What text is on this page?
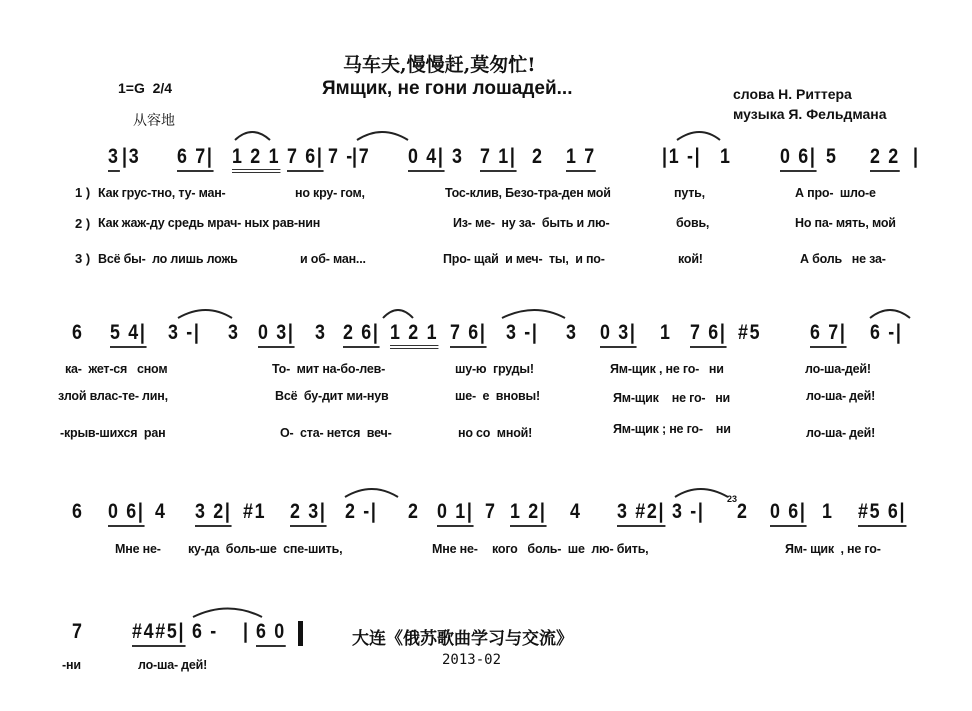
马车夫,慢慢赶,莫匆忙!
Ямщик, не гони лошадей...
1=G  2/4
从容地
слова Н. Риттера
музыка Я. Фельдмана
3 |3 6 7| 1 2 1 7 6| 7 -
|7 0 4| 3 7 1| 2 1 7	|1 -| 1 0 6| 5 2 2 |
1 ) Как грус-тно, ту- ман-	но кру- гом,	Тос-клив, Безо-тра-ден мой	путь,	А про-  шло-е
2 ) Как жаж-ду средь мрач- ных рав-нин	Из- ме-  ну за-  быть и лю-	бовь,	Но па- мять, мой
3 ) Всё бы-  ло лишь ложь	и об- ман...	Про- щай  и меч-  ты,  и по-	кой!	А боль   не за-
6 5 4| 3 -| 3 0 3| 3 2 6| 1 2 1 7 6| 3 -| 3 0 3| 1 7 6| #5 6 7| 6 -|
ка-  жет-ся   сном	То-  мит на-бо-лев-	шу-ю  груды!	Ям-щик , не го-   ни	ло-ша-дей!
злой влас-те- лин,	Всё  бу-дит ми-нув	ше-  е  вновы!	Ям-щик    не го-   ни	ло-ша- дей!
-крыв-шихся  ран	О-  ста- нется  веч-	но со  мной!	Ям-щик ; не го-    ни	ло-ша- дей!
6 0 6| 4 3 2| #1 2 3| 2 -| 2 0 1| 7 1 2| 4 3 #2| 3 -|
23
2 0 6| 1 #5 6|
Мне не- ку-да  боль-ше  спе-шить,	Мне не- кого   боль-  ше  лю- бить,	Ям- щик  , не го-
7 #4#5| 6 - | 6 0
-ни	ло-ша- дей!
大连《俄苏歌曲学习与交流》
2013-02
